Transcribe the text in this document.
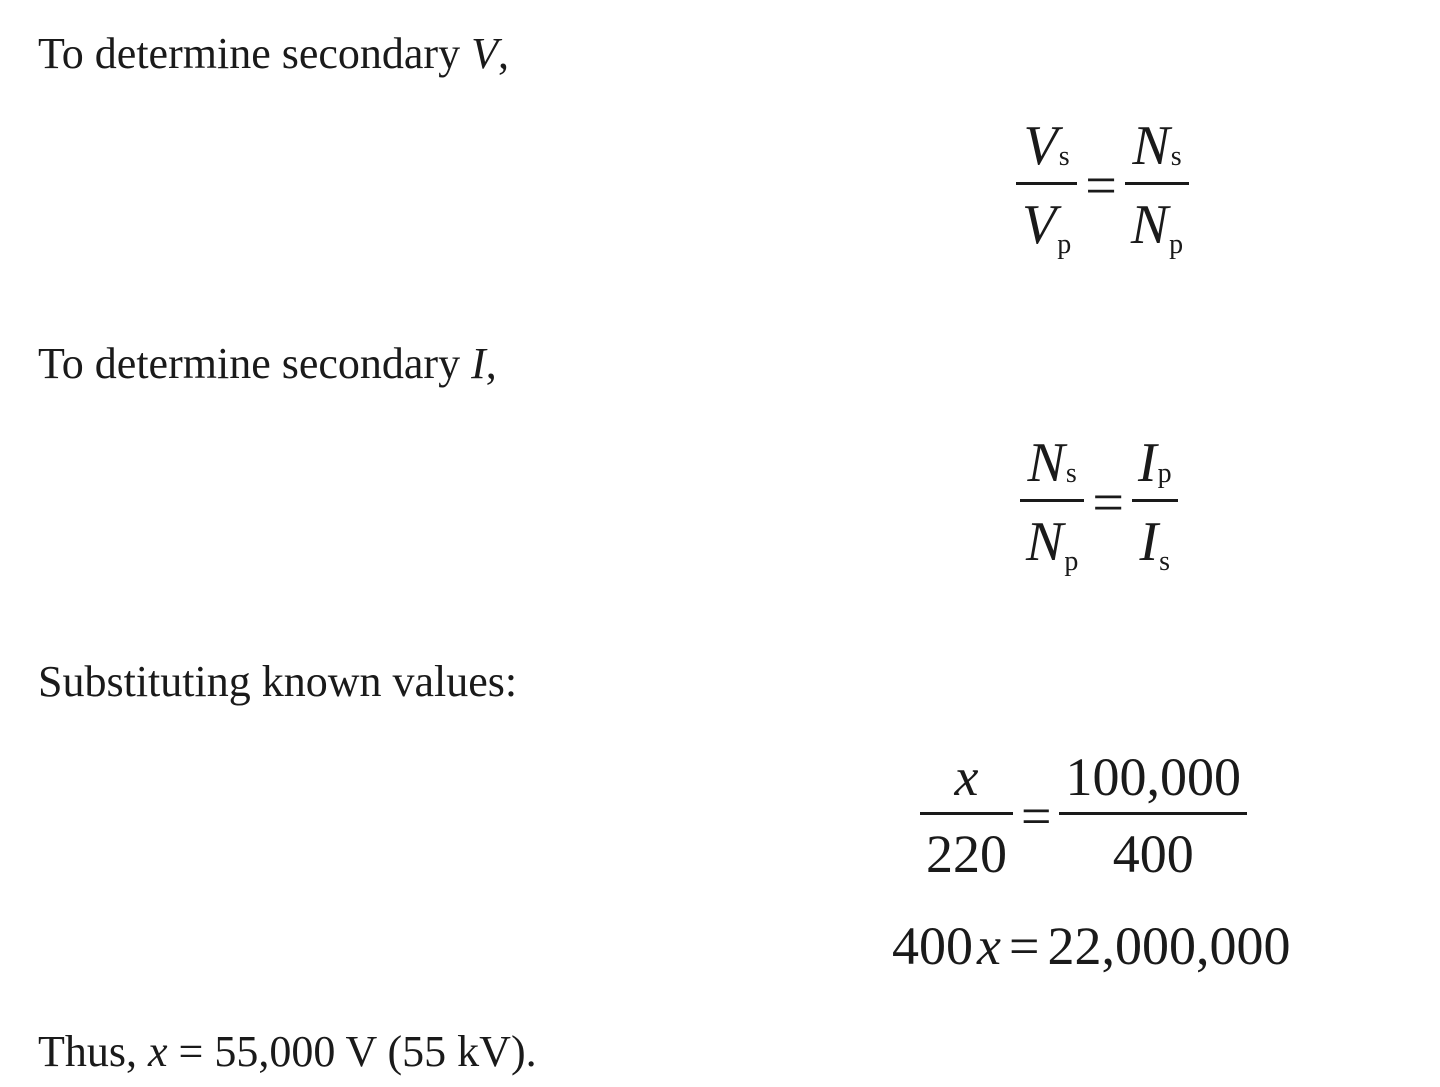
To determine secondary V,
$\frac{Vs}{Vp} = \frac{Ns}{Np}$
To determine secondary I,
$\frac{Ns}{Np} = \frac{Ip}{Is}$
Substituting known values:
$\frac{x}{220} = \frac{100,000}{400}$
400 x = 22,000,000
Thus, x = 55,000 V (55 kV).
